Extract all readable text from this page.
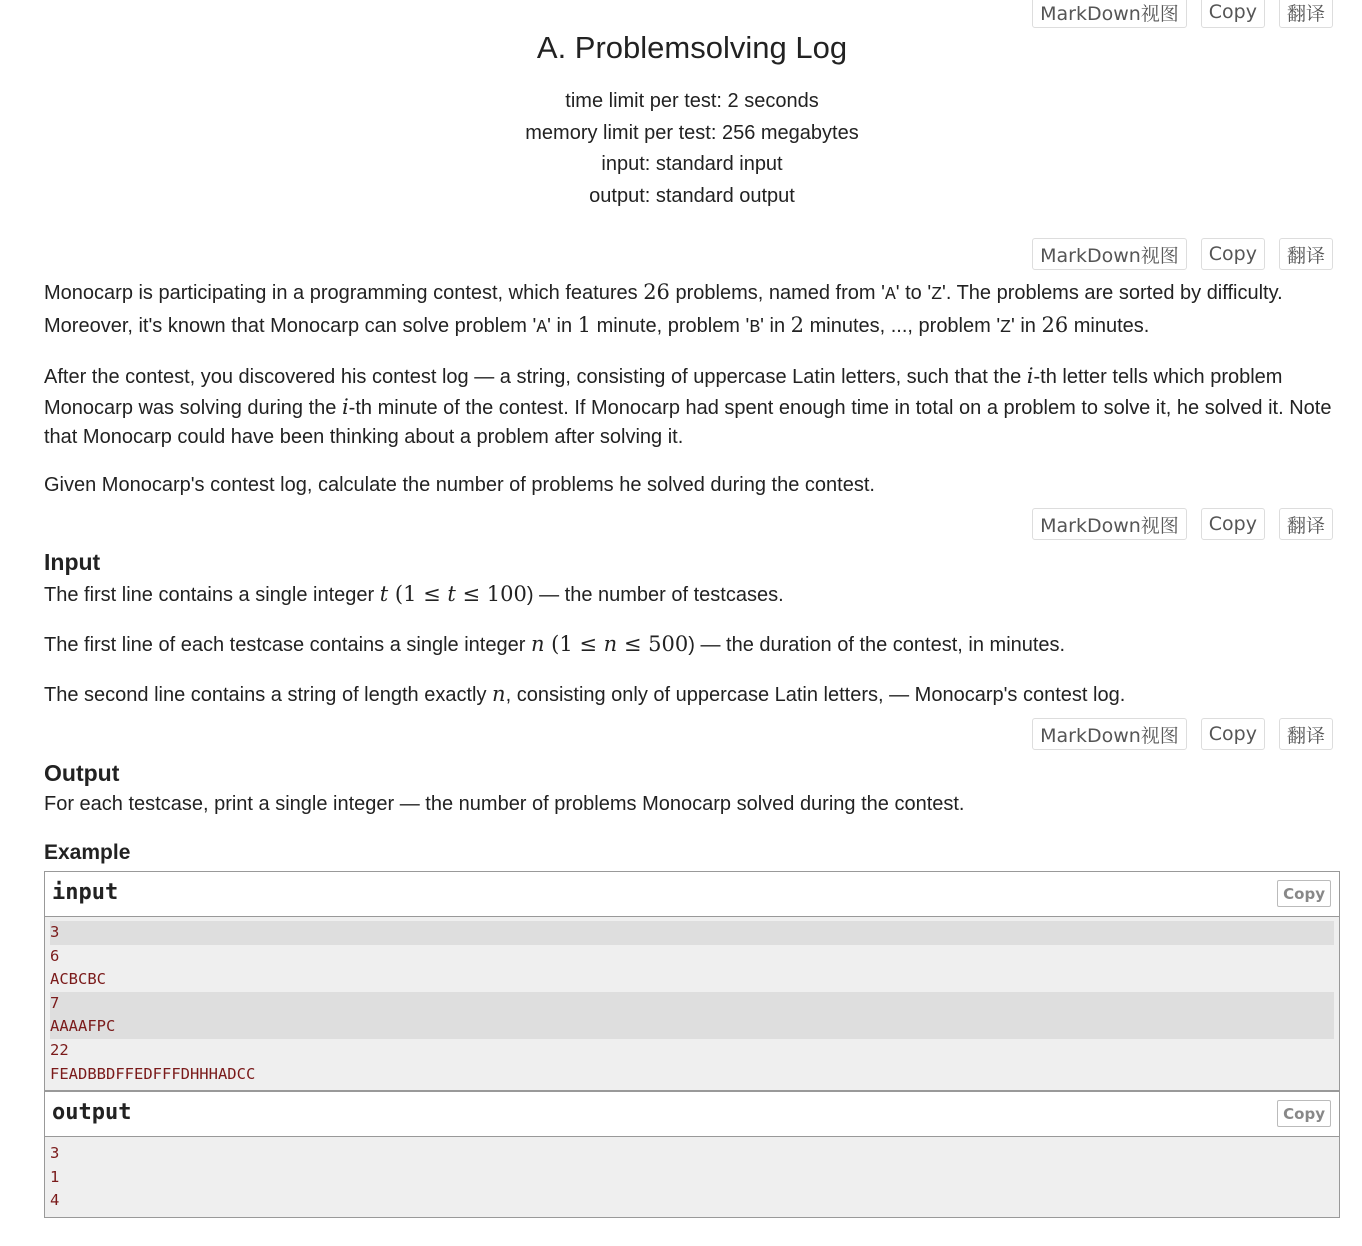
MarkDown视图	Copy	翻译
A. Problemsolving Log
time limit per test: 2 seconds
memory limit per test: 256 megabytes
input: standard input
output: standard output
MarkDown视图	Copy	翻译
Monocarp is participating in a programming contest, which features 26 problems, named from 'A' to 'Z'. The problems are sorted by difficulty. Moreover, it's known that Monocarp can solve problem 'A' in 1 minute, problem 'B' in 2 minutes, ..., problem 'Z' in 26 minutes.
After the contest, you discovered his contest log — a string, consisting of uppercase Latin letters, such that the i-th letter tells which problem Monocarp was solving during the i-th minute of the contest. If Monocarp had spent enough time in total on a problem to solve it, he solved it. Note that Monocarp could have been thinking about a problem after solving it.
Given Monocarp's contest log, calculate the number of problems he solved during the contest.
MarkDown视图	Copy	翻译
Input
The first line contains a single integer t (1 ≤ t ≤ 100) — the number of testcases.
The first line of each testcase contains a single integer n (1 ≤ n ≤ 500) — the duration of the contest, in minutes.
The second line contains a string of length exactly n, consisting only of uppercase Latin letters, — Monocarp's contest log.
MarkDown视图	Copy	翻译
Output
For each testcase, print a single integer — the number of problems Monocarp solved during the contest.
Example
input	Copy
3
6
ACBCBC
7
AAAAFPC
22
FEADBBDFFEDFFFDHHHADCC
output	Copy
3
1
4
